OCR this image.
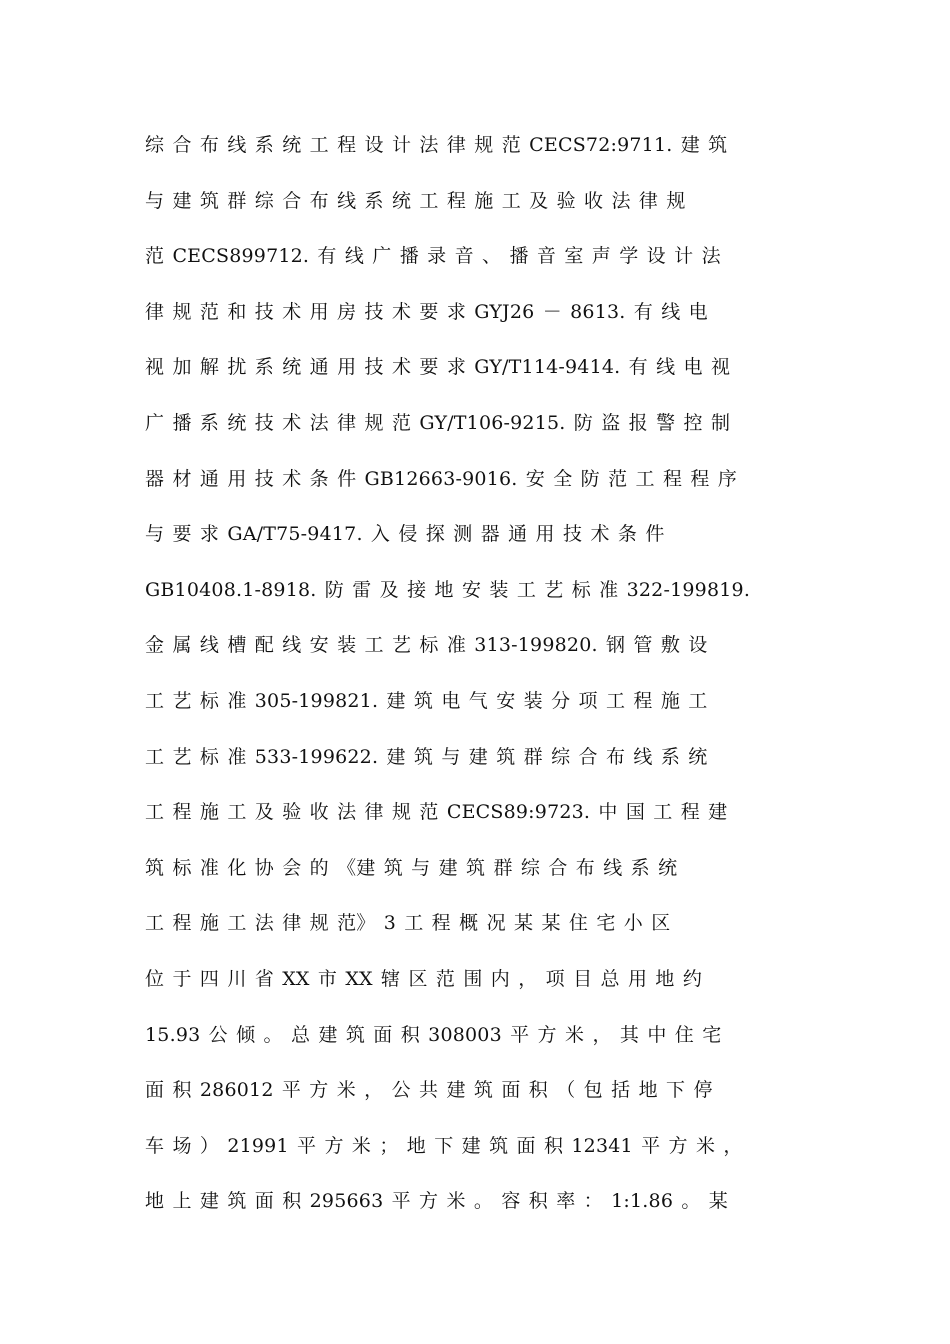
综 合 布 线 系 统 工 程 设 计 法 律 规 范 CECS72:9711. 建 筑
与 建 筑 群 综 合 布 线 系 统 工 程 施 工 及 验 收 法 律 规
范 CECS899712. 有 线 广 播 录 音 、 播 音 室 声 学 设 计 法
律 规 范 和 技 术 用 房 技 术 要 求 GYJ26 － 8613. 有 线 电
视 加 解 扰 系 统 通 用 技 术 要 求 GY/T114-9414. 有 线 电 视
广 播 系 统 技 术 法 律 规 范 GY/T106-9215. 防 盗 报 警 控 制
器 材 通 用 技 术 条 件 GB12663-9016. 安 全 防 范 工 程 程 序
与 要 求 GA/T75-9417. 入 侵 探 测 器 通 用 技 术 条 件
GB10408.1-8918. 防 雷 及 接 地 安 装 工 艺 标 准 322-199819.
金 属 线 槽 配 线 安 装 工 艺 标 准 313-199820. 钢 管 敷 设
工 艺 标 准 305-199821. 建 筑 电 气 安 装 分 项 工 程 施 工
工 艺 标 准 533-199622. 建 筑 与 建 筑 群 综 合 布 线 系 统
工 程 施 工 及 验 收 法 律 规 范 CECS89:9723. 中 国 工 程 建
筑 标 准 化 协 会 的 《建 筑 与 建 筑 群 综 合 布 线 系 统
工 程 施 工 法 律 规 范》 3 工 程 概 况 某 某 住 宅 小 区
位 于 四 川 省 XX 市 XX 辖 区 范 围 内 ， 项 目 总 用 地 约
15.93 公 倾 。 总 建 筑 面 积 308003 平 方 米 ， 其 中 住 宅
面 积 286012 平 方 米 ， 公 共 建 筑 面 积 （ 包 括 地 下 停
车 场 ） 21991 平 方 米 ； 地 下 建 筑 面 积 12341 平 方 米 ，
地 上 建 筑 面 积 295663 平 方 米 。 容 积 率 ： 1:1.86 。 某
